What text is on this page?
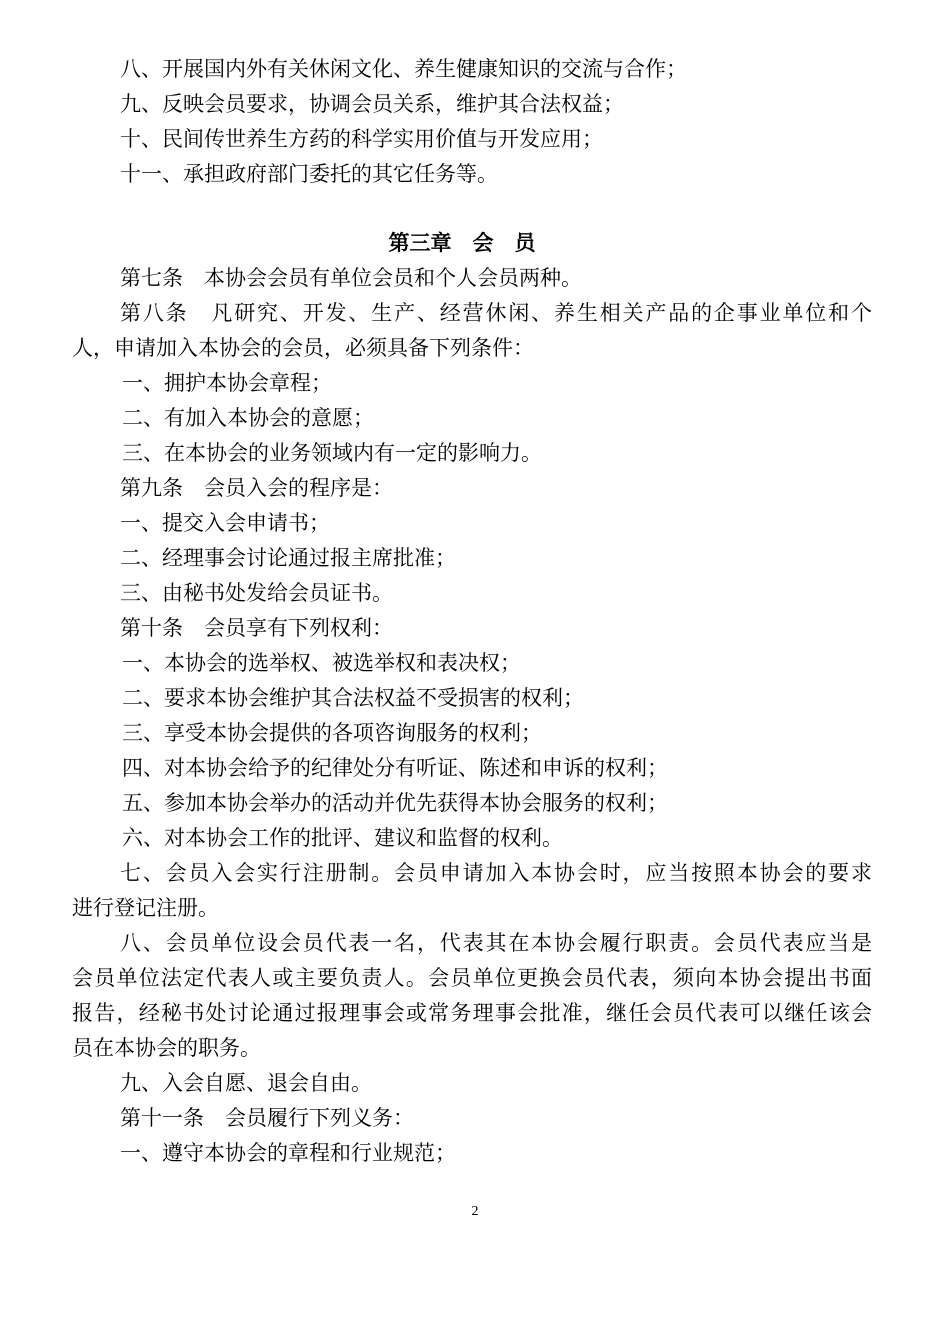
八、开展国内外有关休闲文化、养生健康知识的交流与合作；
九、反映会员要求，协调会员关系，维护其合法权益；
十、民间传世养生方药的科学实用价值与开发应用；
十一、承担政府部门委托的其它任务等。
第三章　会　员
第七条　本协会会员有单位会员和个人会员两种。
第八条　凡研究、开发、生产、经营休闲、养生相关产品的企事业单位和个
人，申请加入本协会的会员，必须具备下列条件：
一、拥护本协会章程；
二、有加入本协会的意愿；
三、在本协会的业务领域内有一定的影响力。
第九条　会员入会的程序是：
一、提交入会申请书；
二、经理事会讨论通过报主席批准；
三、由秘书处发给会员证书。
第十条　会员享有下列权利：
一、本协会的选举权、被选举权和表决权；
二、要求本协会维护其合法权益不受损害的权利；
三、享受本协会提供的各项咨询服务的权利；
四、对本协会给予的纪律处分有听证、陈述和申诉的权利；
五、参加本协会举办的活动并优先获得本协会服务的权利；
六、对本协会工作的批评、建议和监督的权利。
七、会员入会实行注册制。会员申请加入本协会时，应当按照本协会的要求
进行登记注册。
八、会员单位设会员代表一名，代表其在本协会履行职责。会员代表应当是
会员单位法定代表人或主要负责人。会员单位更换会员代表，须向本协会提出书面
报告，经秘书处讨论通过报理事会或常务理事会批准，继任会员代表可以继任该会
员在本协会的职务。
九、入会自愿、退会自由。
第十一条　会员履行下列义务：
一、遵守本协会的章程和行业规范；
2
